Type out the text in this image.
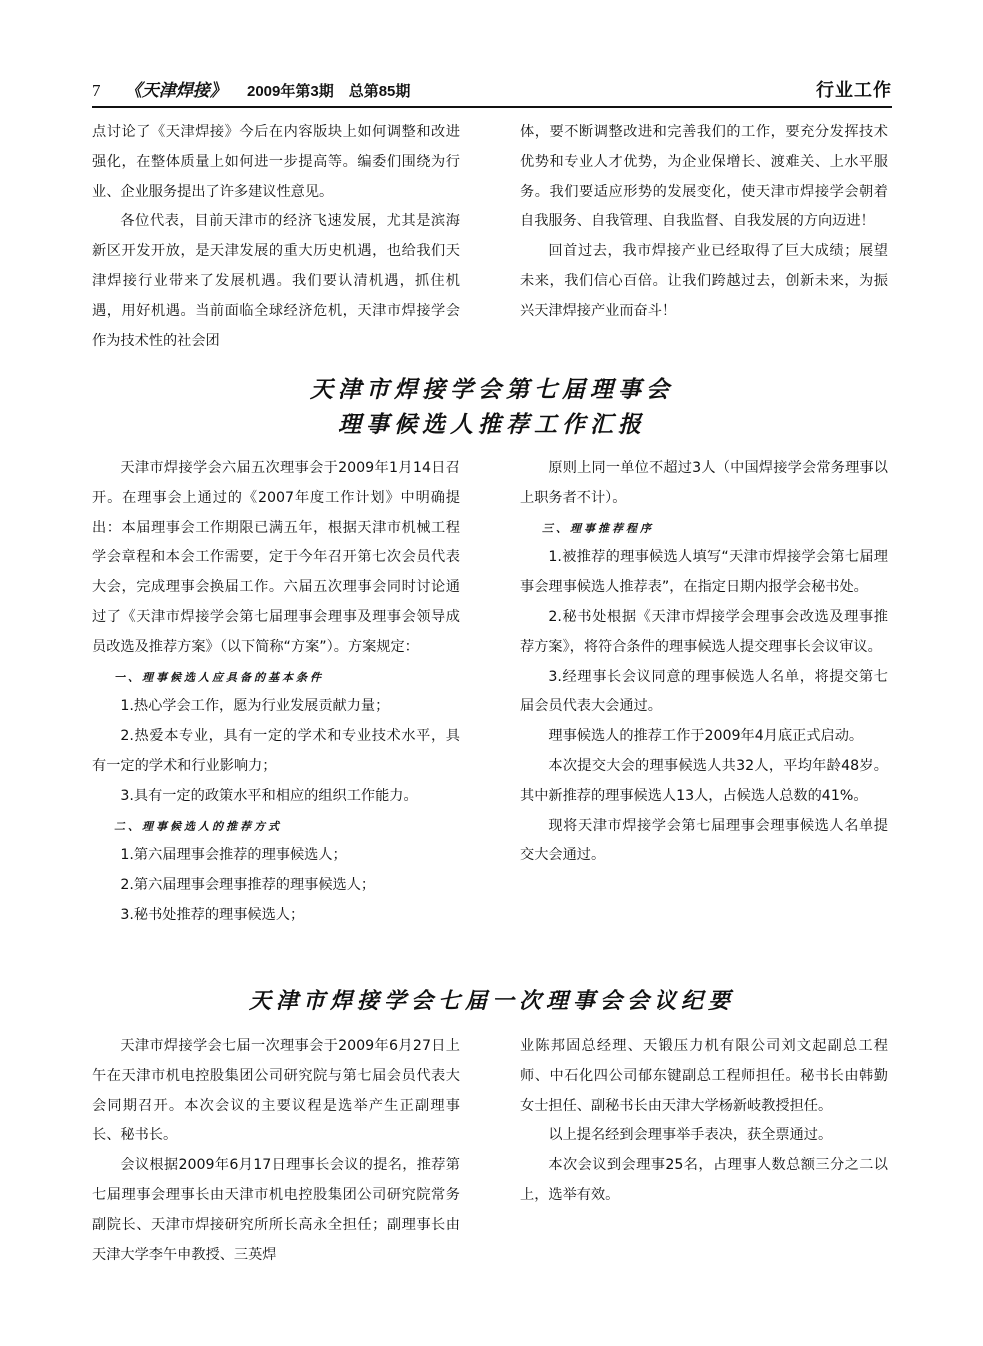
7 《天津焊接》 2009年第3期　总第85期	行业工作

点讨论了《天津焊接》今后在内容版块上如何调整和改进强化，在整体质量上如何进一步提高等。编委们围绕为行业、企业服务提出了许多建议性意见。

各位代表，目前天津市的经济飞速发展，尤其是滨海新区开发开放，是天津发展的重大历史机遇，也给我们天津焊接行业带来了发展机遇。我们要认清机遇，抓住机遇，用好机遇。当前面临全球经济危机，天津市焊接学会作为技术性的社会团

体，要不断调整改进和完善我们的工作，要充分发挥技术优势和专业人才优势，为企业保增长、渡难关、上水平服务。我们要适应形势的发展变化，使天津市焊接学会朝着自我服务、自我管理、自我监督、自我发展的方向迈进！

回首过去，我市焊接产业已经取得了巨大成绩；展望未来，我们信心百倍。让我们跨越过去，创新未来，为振兴天津焊接产业而奋斗！

天津市焊接学会第七届理事会
理事候选人推荐工作汇报

天津市焊接学会六届五次理事会于2009年1月14日召开。在理事会上通过的《2007年度工作计划》中明确提出：本届理事会工作期限已满五年，根据天津市机械工程学会章程和本会工作需要，定于今年召开第七次会员代表大会，完成理事会换届工作。六届五次理事会同时讨论通过了《天津市焊接学会第七届理事会理事及理事会领导成员改选及推荐方案》（以下简称“方案”）。方案规定：

一、理事候选人应具备的基本条件

1.热心学会工作，愿为行业发展贡献力量；

2.热爱本专业，具有一定的学术和专业技术水平，具有一定的学术和行业影响力；

3.具有一定的政策水平和相应的组织工作能力。

二、理事候选人的推荐方式

1.第六届理事会推荐的理事候选人；

2.第六届理事会理事推荐的理事候选人；

3.秘书处推荐的理事候选人；

原则上同一单位不超过3人（中国焊接学会常务理事以上职务者不计）。

三、理事推荐程序

1.被推荐的理事候选人填写“天津市焊接学会第七届理事会理事候选人推荐表”，在指定日期内报学会秘书处。

2.秘书处根据《天津市焊接学会理事会改选及理事推荐方案》，将符合条件的理事候选人提交理事长会议审议。

3.经理事长会议同意的理事候选人名单，将提交第七届会员代表大会通过。

理事候选人的推荐工作于2009年4月底正式启动。

本次提交大会的理事候选人共32人，平均年龄48岁。其中新推荐的理事候选人13人，占候选人总数的41%。

现将天津市焊接学会第七届理事会理事候选人名单提交大会通过。

天津市焊接学会七届一次理事会会议纪要

天津市焊接学会七届一次理事会于2009年6月27日上午在天津市机电控股集团公司研究院与第七届会员代表大会同期召开。本次会议的主要议程是选举产生正副理事长、秘书长。

会议根据2009年6月17日理事长会议的提名，推荐第七届理事会理事长由天津市机电控股集团公司研究院常务副院长、天津市焊接研究所所长高永全担任；副理事长由天津大学李午申教授、三英焊

业陈邦固总经理、天锻压力机有限公司刘文起副总工程师、中石化四公司郁东键副总工程师担任。秘书长由韩勤女士担任、副秘书长由天津大学杨新岐教授担任。

以上提名经到会理事举手表决，获全票通过。

本次会议到会理事25名，占理事人数总额三分之二以上，选举有效。
